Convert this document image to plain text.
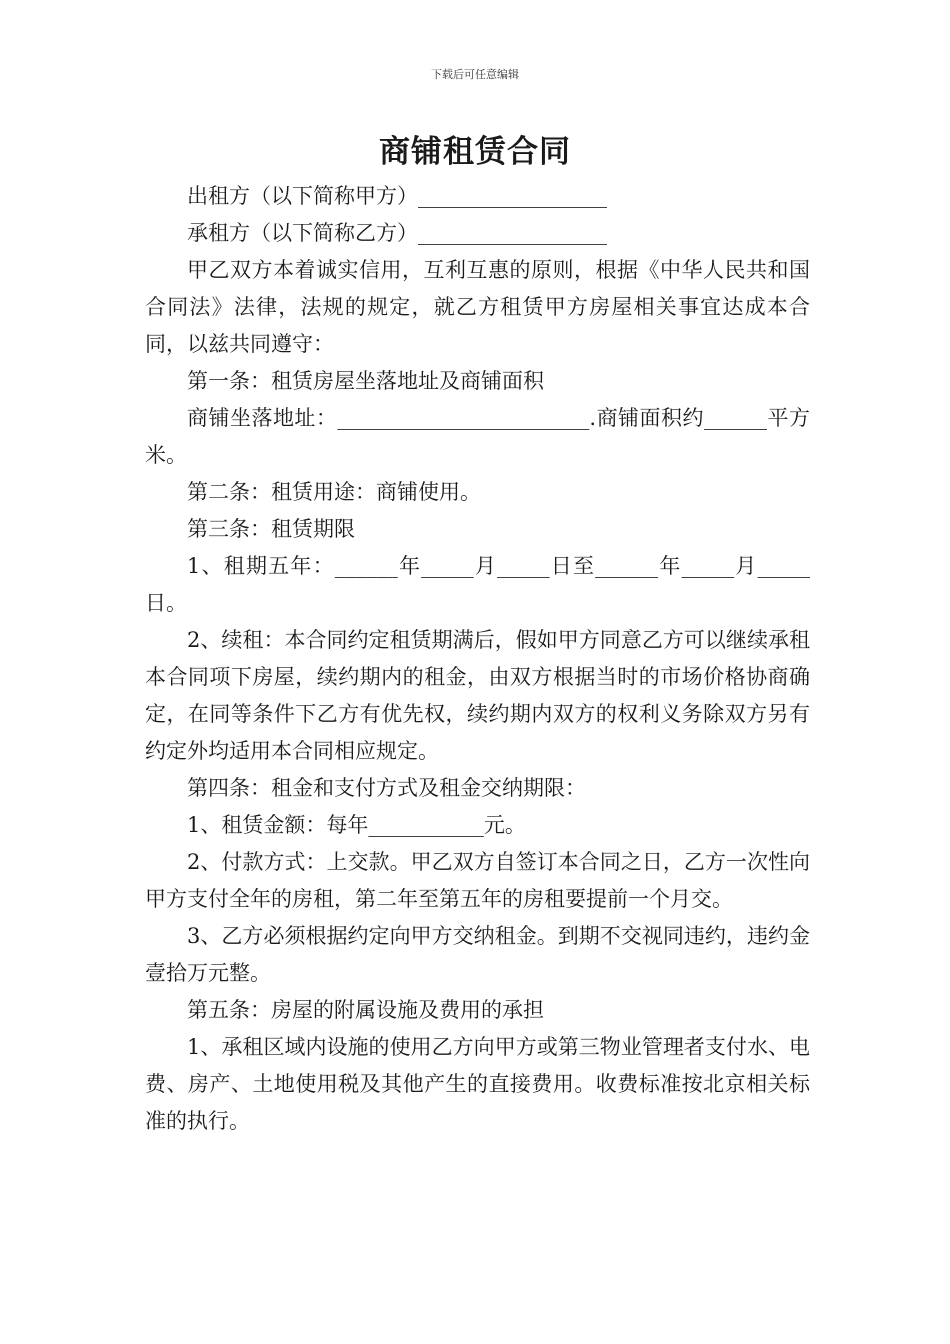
下载后可任意编辑
商铺租赁合同

出租方（以下简称甲方）__________________

承租方（以下简称乙方）__________________

甲乙双方本着诚实信用，互利互惠的原则，根据《中华人民共和国合同法》法律，法规的规定，就乙方租赁甲方房屋相关事宜达成本合同，以兹共同遵守：

第一条：租赁房屋坐落地址及商铺面积

商铺坐落地址：________________________.商铺面积约______平方米。

第二条：租赁用途：商铺使用。

第三条：租赁期限

1、租期五年：______年_____月_____日至______年_____月_____日。

2、续租：本合同约定租赁期满后，假如甲方同意乙方可以继续承租本合同项下房屋，续约期内的租金，由双方根据当时的市场价格协商确定，在同等条件下乙方有优先权，续约期内双方的权利义务除双方另有约定外均适用本合同相应规定。

第四条：租金和支付方式及租金交纳期限：

1、租赁金额：每年___________元。

2、付款方式：上交款。甲乙双方自签订本合同之日，乙方一次性向甲方支付全年的房租，第二年至第五年的房租要提前一个月交。

3、乙方必须根据约定向甲方交纳租金。到期不交视同违约，违约金壹拾万元整。

第五条：房屋的附属设施及费用的承担

1、承租区域内设施的使用乙方向甲方或第三物业管理者支付水、电费、房产、土地使用税及其他产生的直接费用。收费标准按北京相关标准的执行。
